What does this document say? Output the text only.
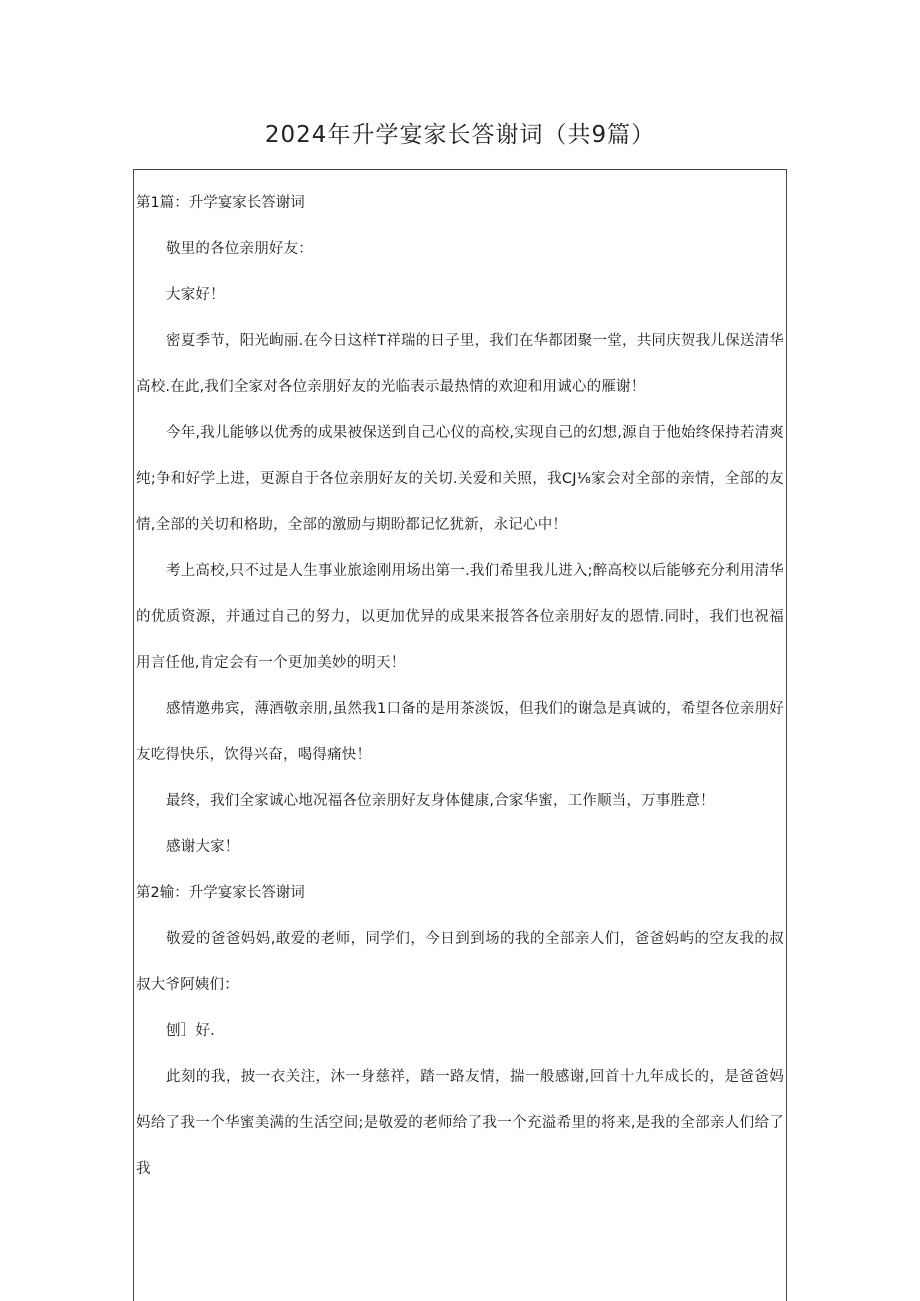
2024年升学宴家长答谢词（共9篇）
第1篇：升学宴家长答谢词

敬里的各位亲朋好友：

大家好！

密夏季节，阳光峋丽.在今日这样T祥瑞的日子里，我们在华都团聚一堂，共同庆贺我儿保送清华高校.在此,我们全家对各位亲朋好友的光临表示最热情的欢迎和用诚心的雁谢！

今年,我儿能够以优秀的成果被保送到自己心仪的高校,实现自己的幻想,源自于他始终保持若清爽纯;争和好学上进，更源自于各位亲朋好友的关切.关爱和关照，我CJ⅛家会对全部的亲情，全部的友情,全部的关切和格助，全部的激励与期盼都记忆犹新，永记心中！

考上高校,只不过是人生事业旅途刚用场出第一.我们希里我儿进入;醉高校以后能够充分利用清华的优质资源，并通过自己的努力，以更加优异的成果来报答各位亲朋好友的恩情.同时，我们也祝福用言任他,肯定会有一个更加美妙的明天！

感情邀弗宾，薄酒敬亲朋,虽然我1口备的是用茶淡饭，但我们的谢急是真诚的，希望各位亲朋好友吃得快乐，饮得兴奋，喝得痛快！

最终，我们全家诚心地况福各位亲朋好友身体健康,合家华蜜，工作顺当，万事胜意！

感谢大家！

第2输：升学宴家长答谢词

敬爱的爸爸妈妈,敢爱的老师，同学们，今日到到场的我的全部亲人们，爸爸妈屿的空友我的叔叔大爷阿姨们：

刨］好.

此刻的我，披一衣关注，沐一身慈祥，踏一路友情，揣一般感谢,回首十九年成长的，是爸爸妈妈给了我一个华蜜美满的生活空间;是敬爱的老师给了我一个充溢希里的将来,是我的全部亲人们给了我
